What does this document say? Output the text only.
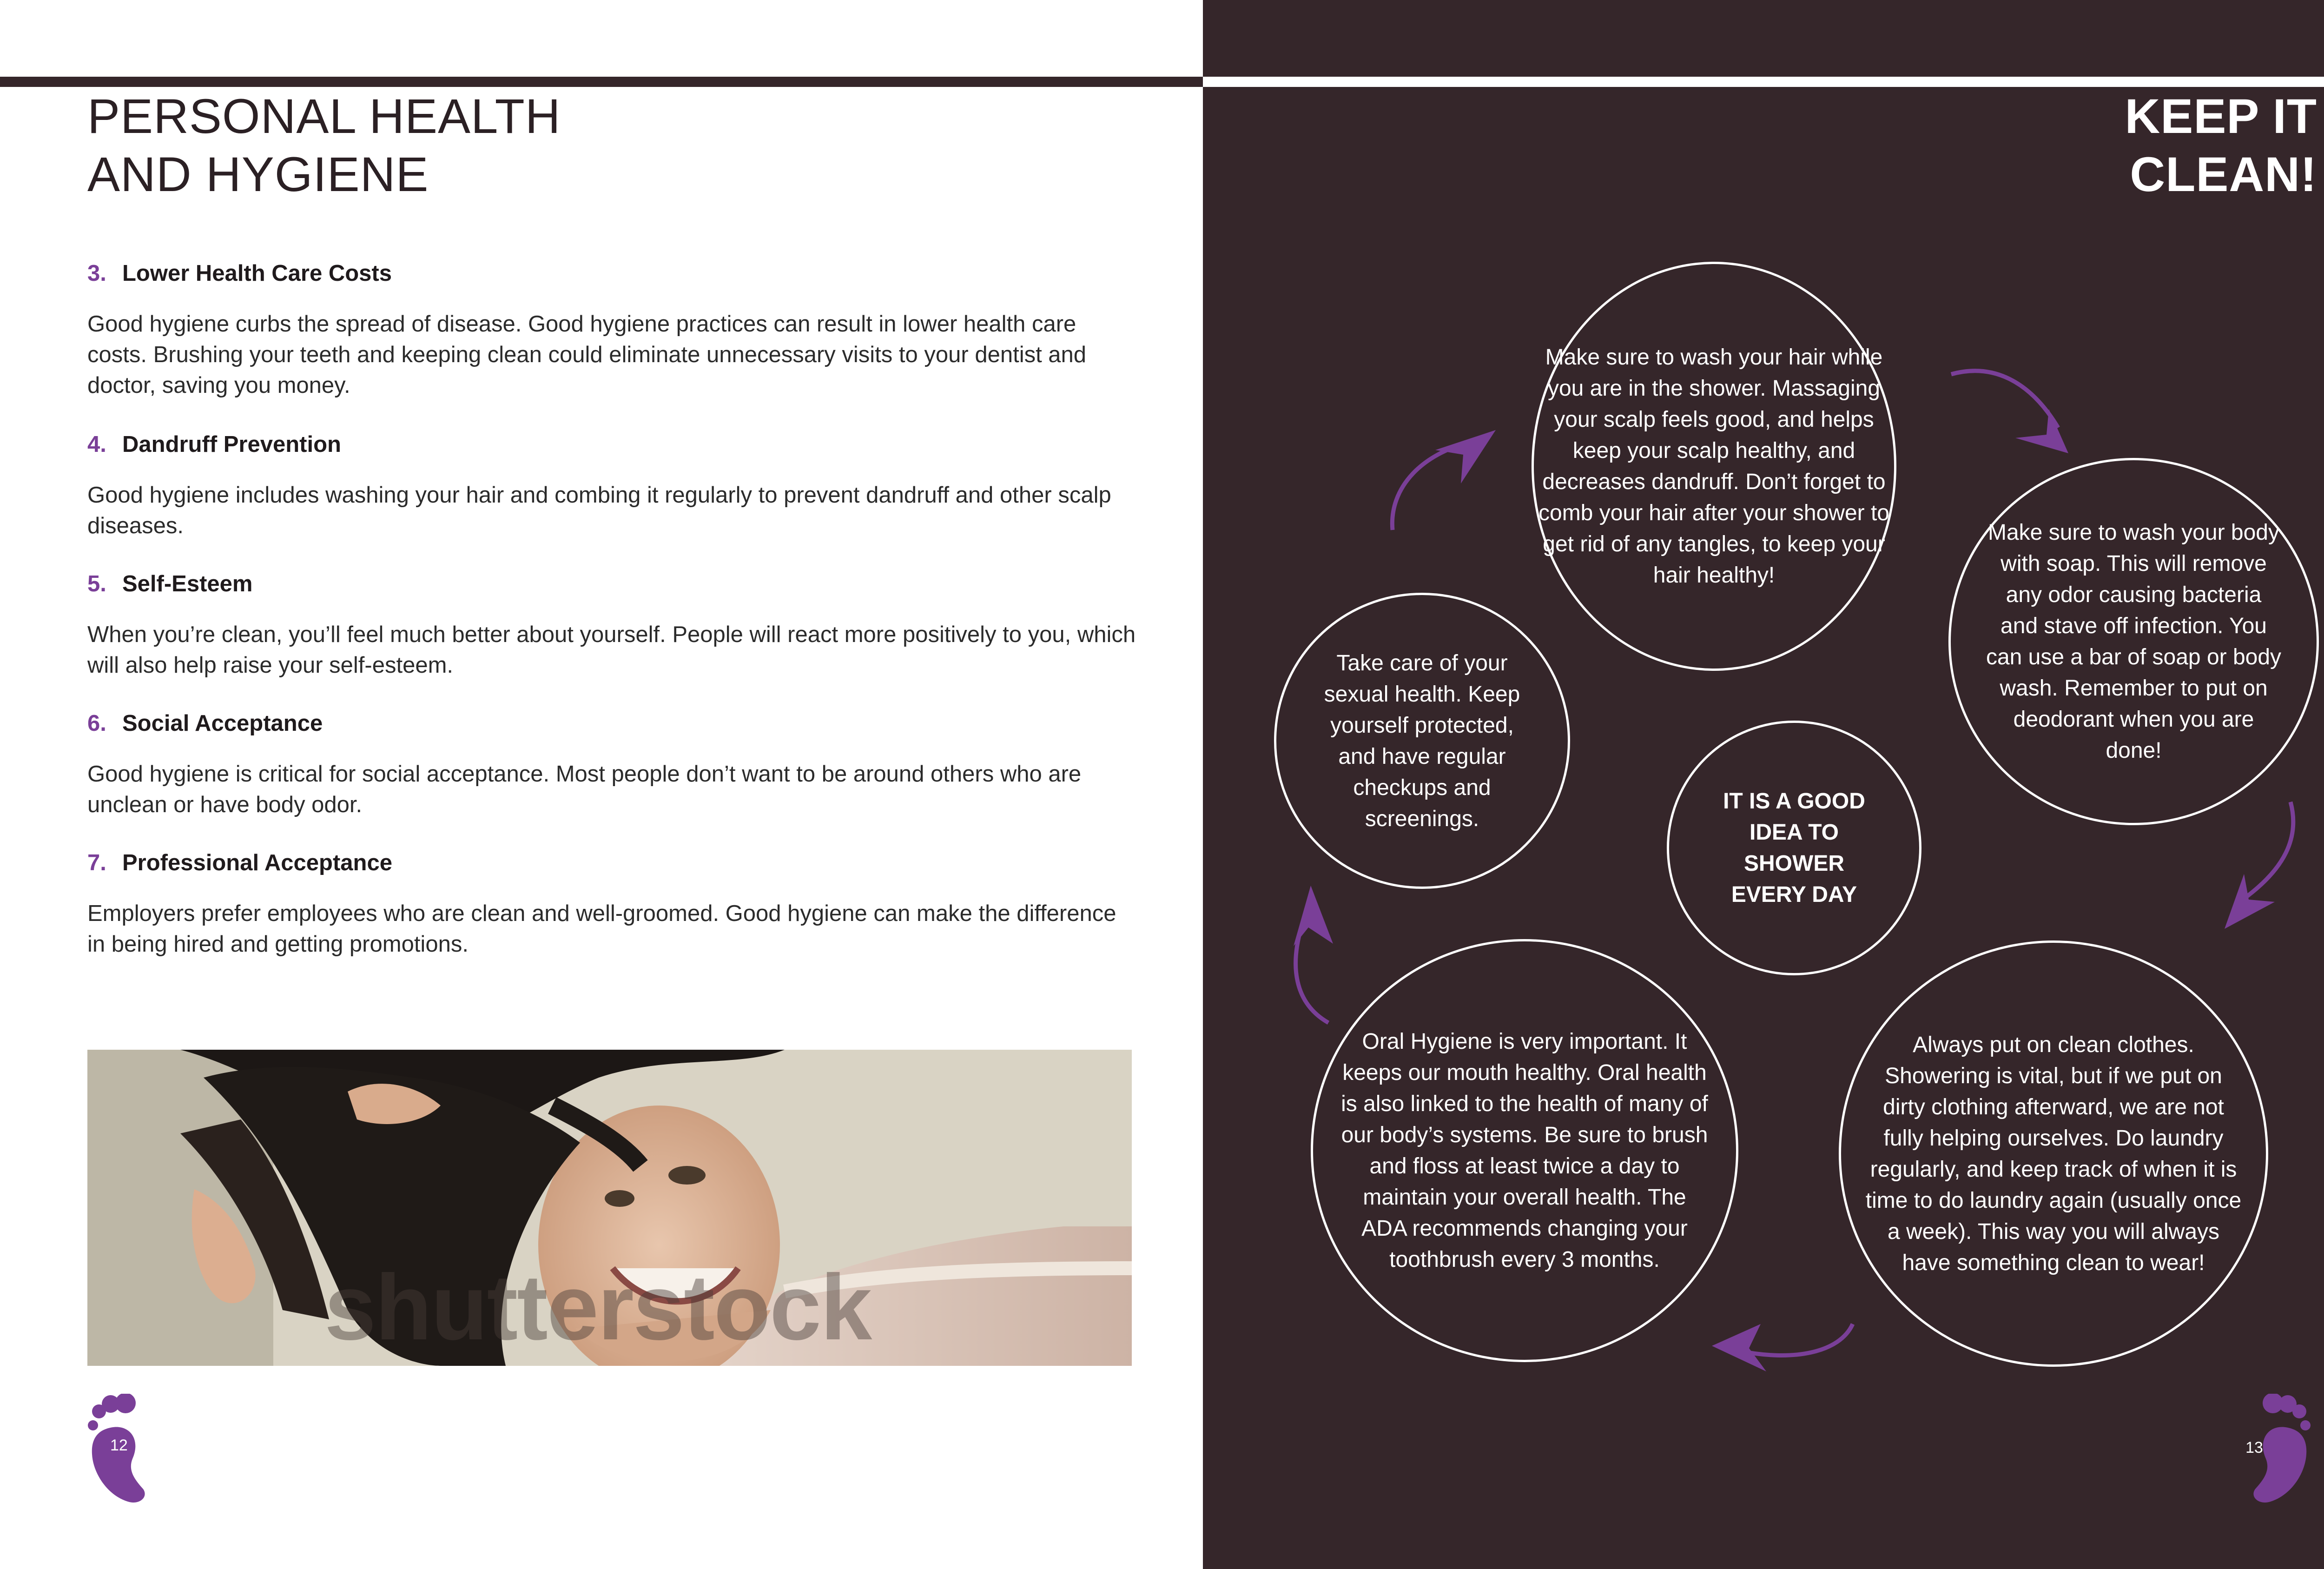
PERSONAL HEALTH
AND HYGIENE

3. Lower Health Care Costs

Good hygiene curbs the spread of disease. Good hygiene practices can result in lower health care costs. Brushing your teeth and keeping clean could eliminate unnecessary visits to your dentist and doctor, saving you money.

4. Dandruff Prevention

Good hygiene includes washing your hair and combing it regularly to prevent dandruff and other scalp diseases.

5. Self-Esteem

When you’re clean, you’ll feel much better about yourself. People will react more positively to you, which will also help raise your self-esteem.

6. Social Acceptance

Good hygiene is critical for social acceptance. Most people don’t want to be around others who are unclean or have body odor.

7. Professional Acceptance

Employers prefer employees who are clean and well-groomed. Good hygiene can make the difference in being hired and getting promotions.

shutterstock
12
KEEP IT
CLEAN!
Make sure to wash your hair while you are in the shower. Massaging your scalp feels good, and helps keep your scalp healthy, and decreases dandruff. Don’t forget to comb your hair after your shower to get rid of any tangles, to keep your hair healthy!
Make sure to wash your body with soap. This will remove any odor causing bacteria and stave off infection. You can use a bar of soap or body wash. Remember to put on deodorant when you are done!
Always put on clean clothes. Showering is vital, but if we put on dirty clothing afterward, we are not fully helping ourselves. Do laundry regularly, and keep track of when it is time to do laundry again (usually once a week). This way you will always have something clean to wear!
Oral Hygiene is very important. It keeps our mouth healthy. Oral health is also linked to the health of many of our body’s systems. Be sure to brush and floss at least twice a day to maintain your overall health. The ADA recommends changing your toothbrush every 3 months.
Take care of your sexual health. Keep yourself protected, and have regular checkups and screenings.
IT IS A GOOD IDEA TO SHOWER EVERY DAY
13
